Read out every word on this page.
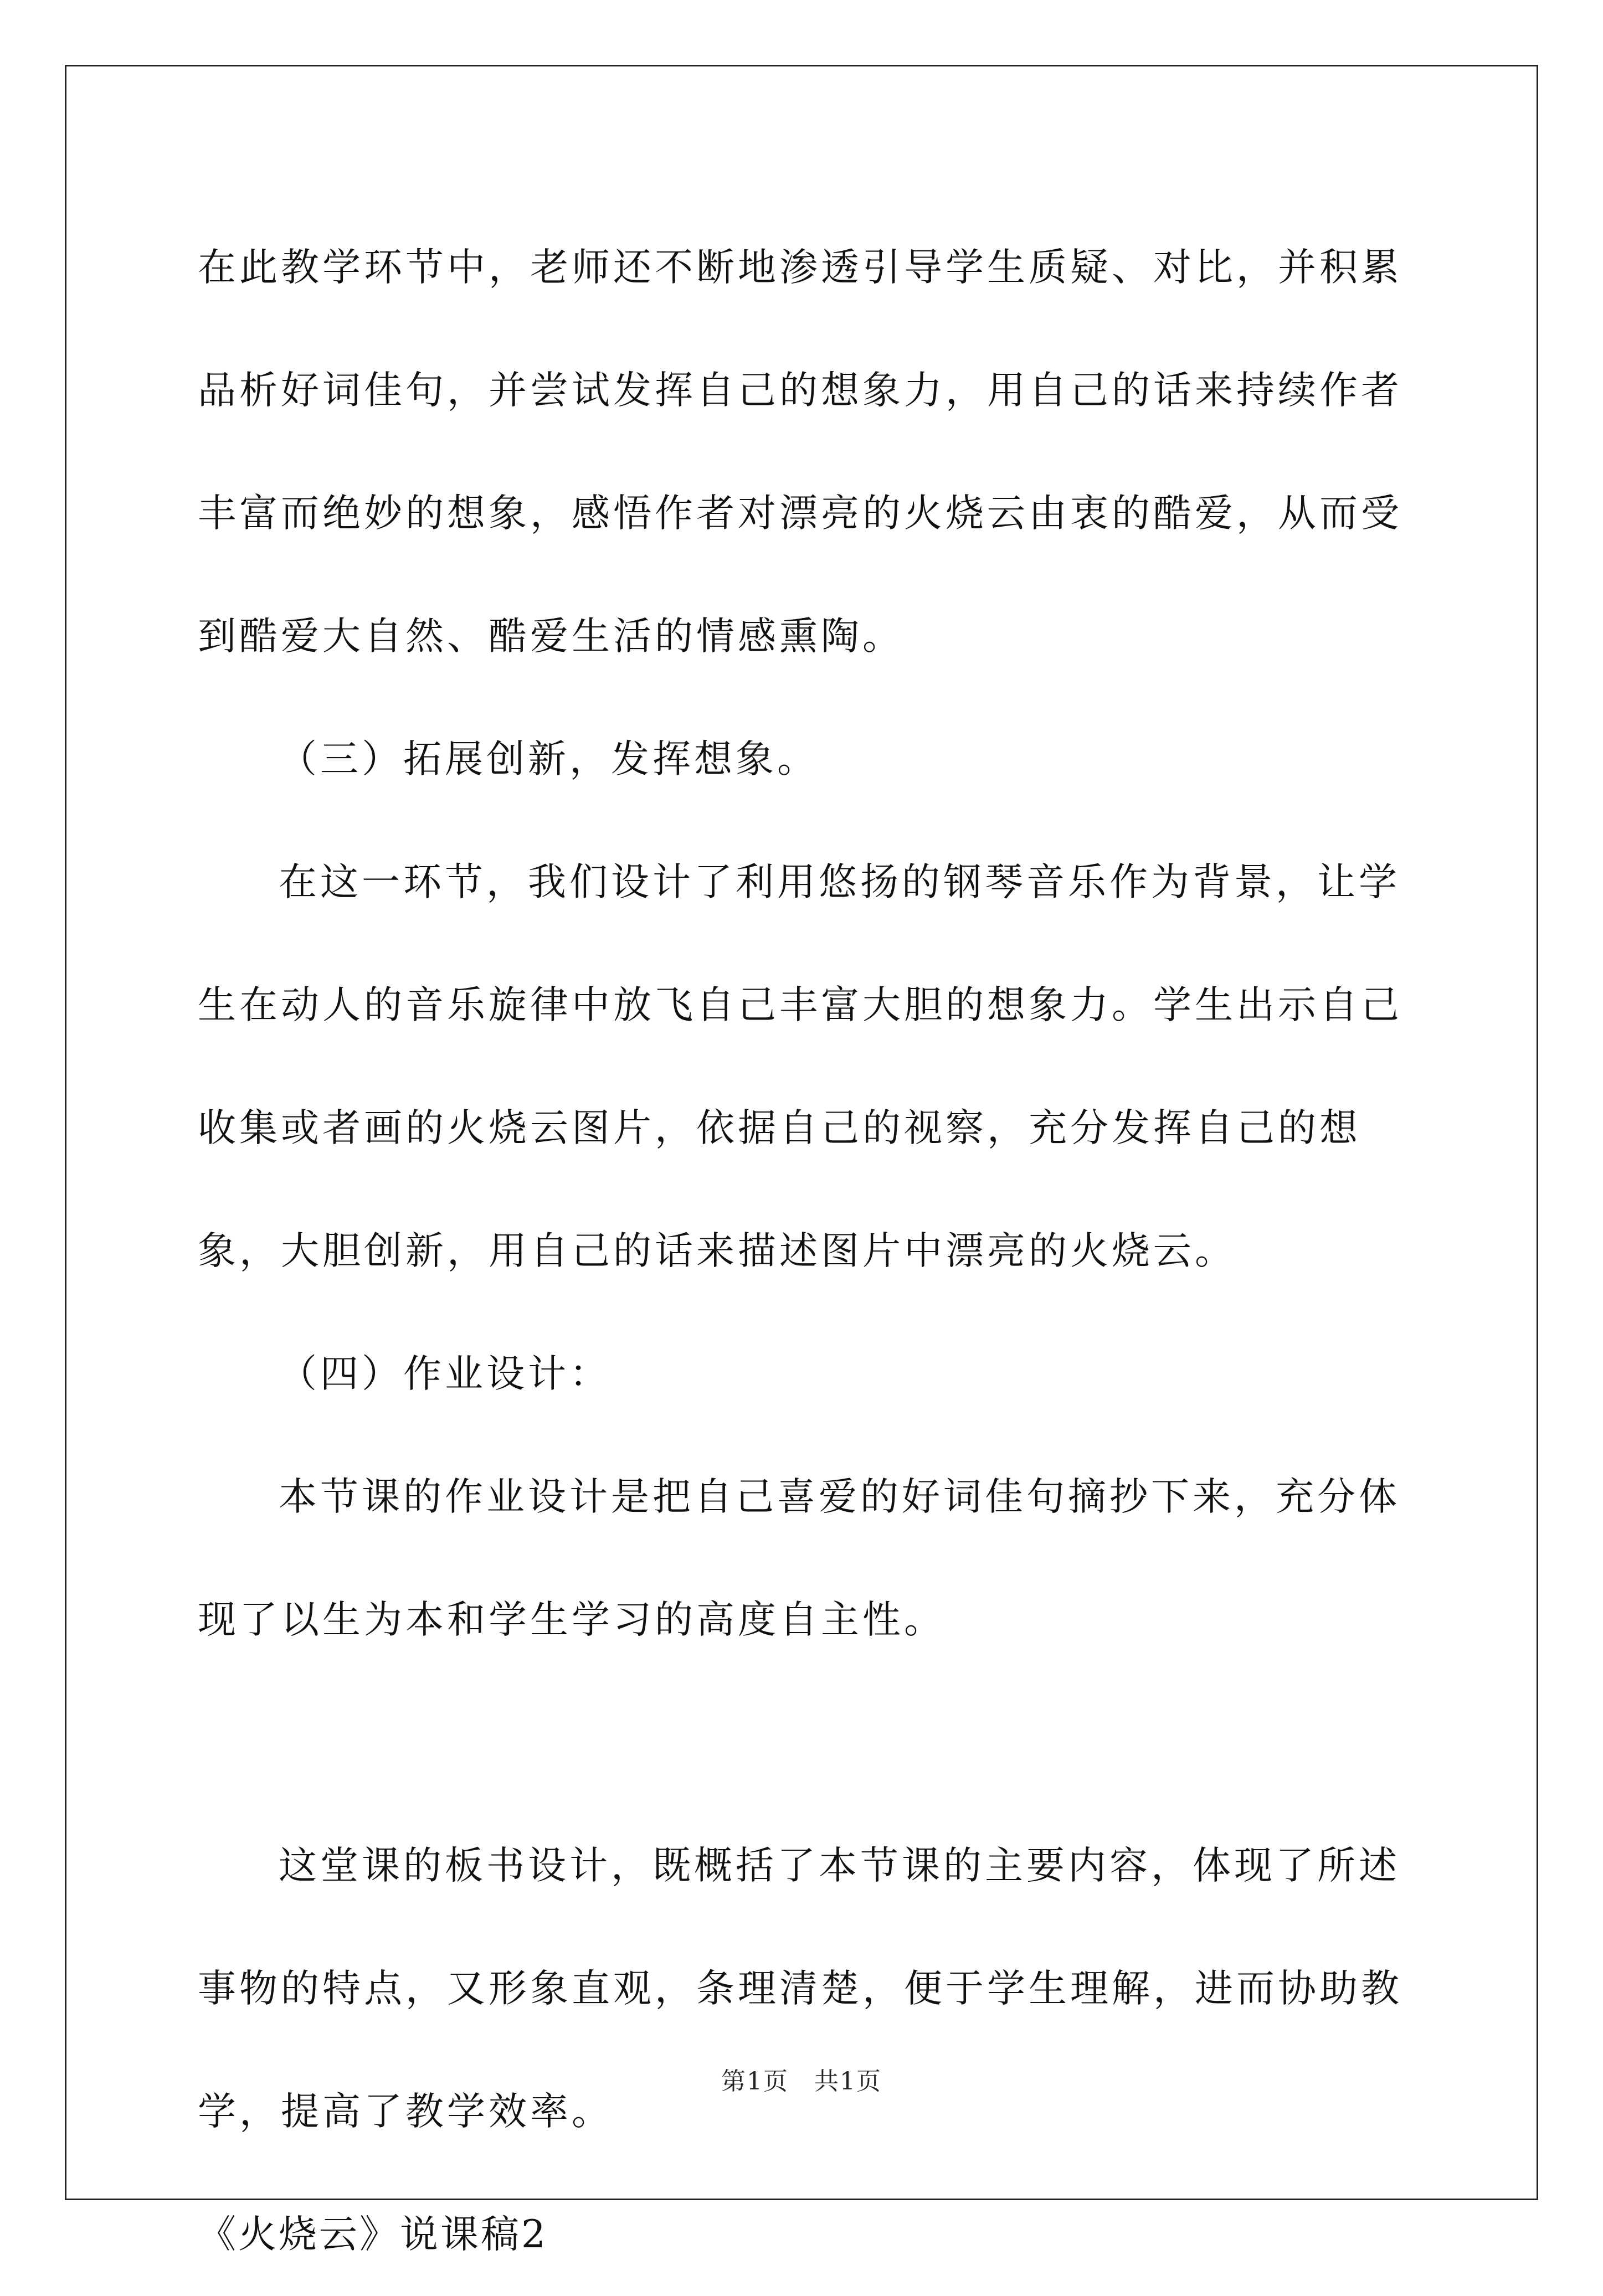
在此教学环节中，老师还不断地渗透引导学生质疑、对比，并积累品析好词佳句，并尝试发挥自己的想象力，用自己的话来持续作者丰富而绝妙的想象，感悟作者对漂亮的火烧云由衷的酷爱，从而受到酷爱大自然、酷爱生活的情感熏陶。

（三）拓展创新，发挥想象。

在这一环节，我们设计了利用悠扬的钢琴音乐作为背景，让学生在动人的音乐旋律中放飞自己丰富大胆的想象力。学生出示自己收集或者画的火烧云图片，依据自己的视察，充分发挥自己的想象，大胆创新，用自己的话来描述图片中漂亮的火烧云。

（四）作业设计：

本节课的作业设计是把自己喜爱的好词佳句摘抄下来，充分体现了以生为本和学生学习的高度自主性。

这堂课的板书设计，既概括了本节课的主要内容，体现了所述事物的特点，又形象直观，条理清楚，便于学生理解，进而协助教学，提高了教学效率。

《火烧云》说课稿2

第1页　共1页
